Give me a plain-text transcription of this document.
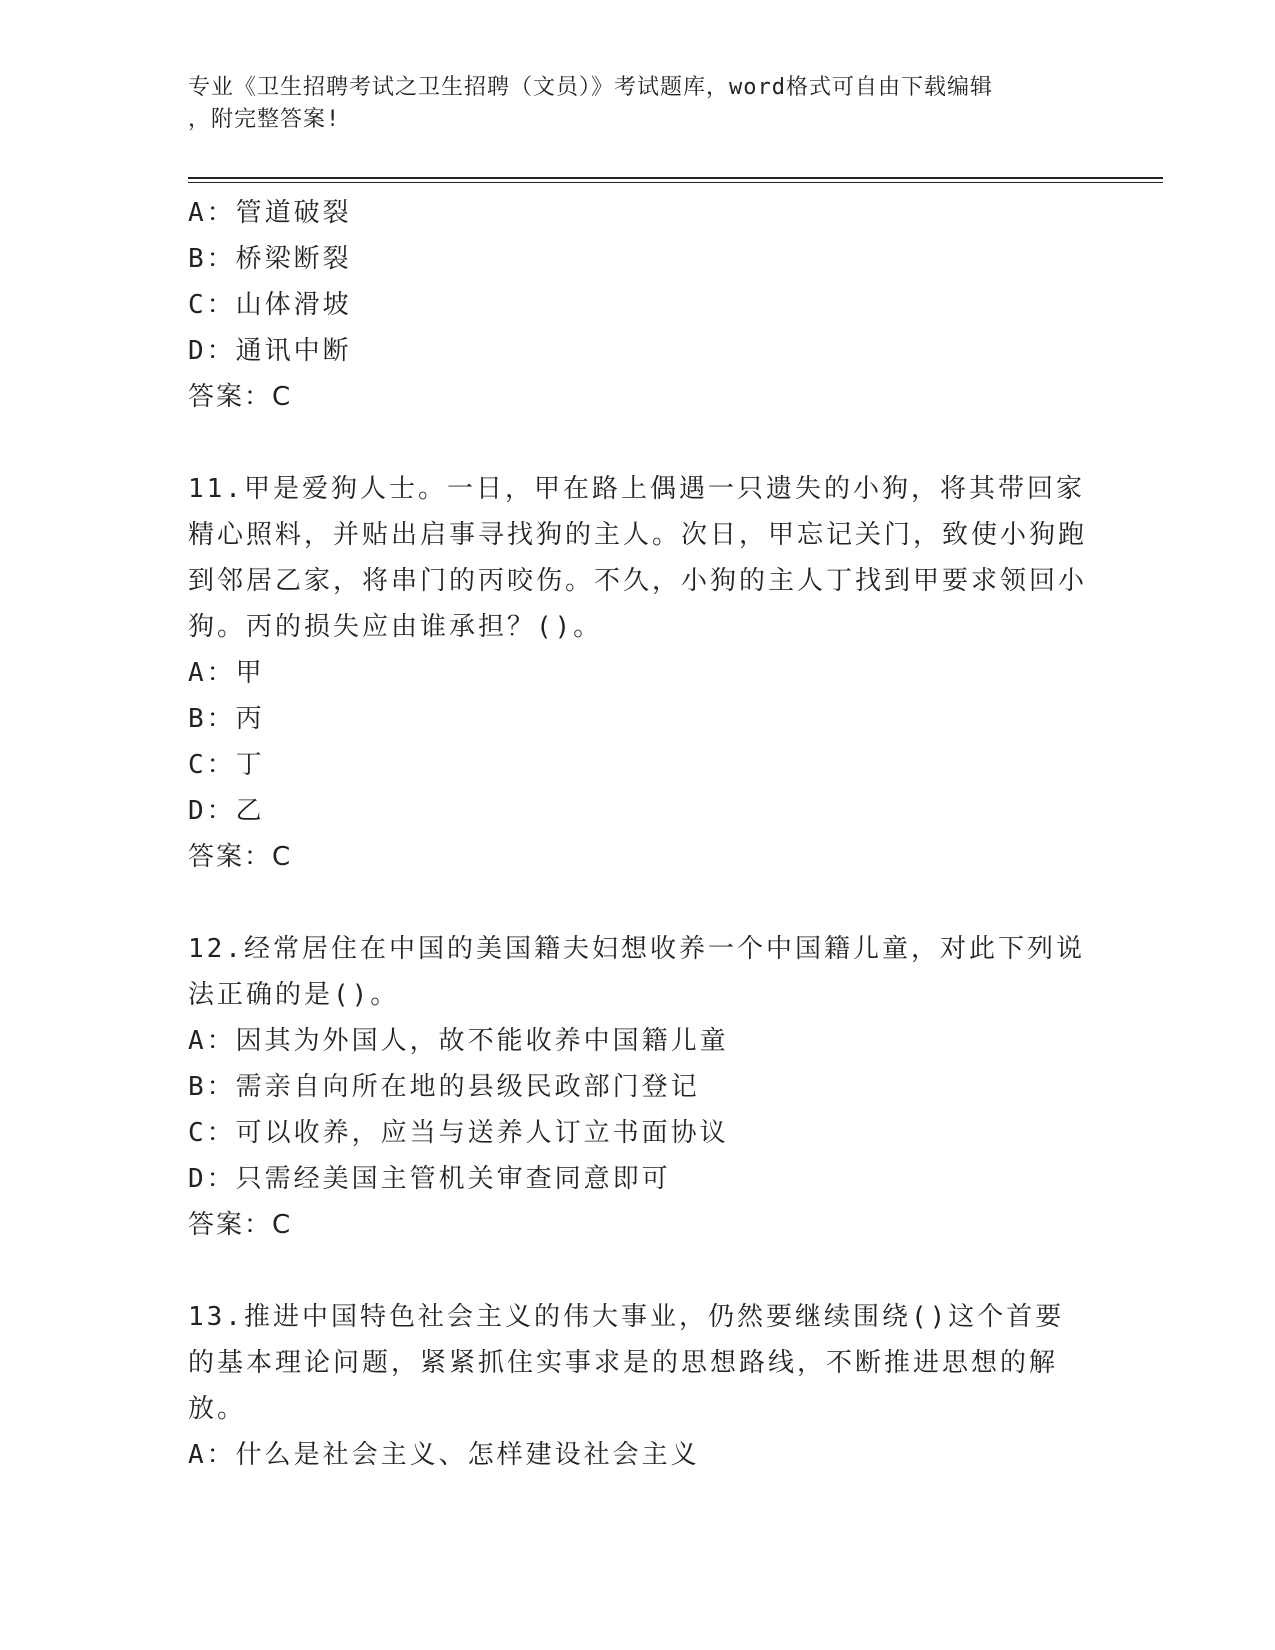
专业《卫生招聘考试之卫生招聘（文员）》考试题库，word格式可自由下载编辑
，附完整答案!
A：管道破裂
B：桥梁断裂
C：山体滑坡
D：通讯中断
答案：C
11.甲是爱狗人士。一日，甲在路上偶遇一只遗失的小狗，将其带回家精心照料，并贴出启事寻找狗的主人。次日，甲忘记关门，致使小狗跑到邻居乙家，将串门的丙咬伤。不久，小狗的主人丁找到甲要求领回小狗。丙的损失应由谁承担？()。
A：甲
B：丙
C：丁
D：乙
答案：C
12.经常居住在中国的美国籍夫妇想收养一个中国籍儿童，对此下列说法正确的是()。
A：因其为外国人，故不能收养中国籍儿童
B：需亲自向所在地的县级民政部门登记
C：可以收养，应当与送养人订立书面协议
D：只需经美国主管机关审查同意即可
答案：C
13.推进中国特色社会主义的伟大事业，仍然要继续围绕()这个首要的基本理论问题，紧紧抓住实事求是的思想路线，不断推进思想的解放。
A：什么是社会主义、怎样建设社会主义
